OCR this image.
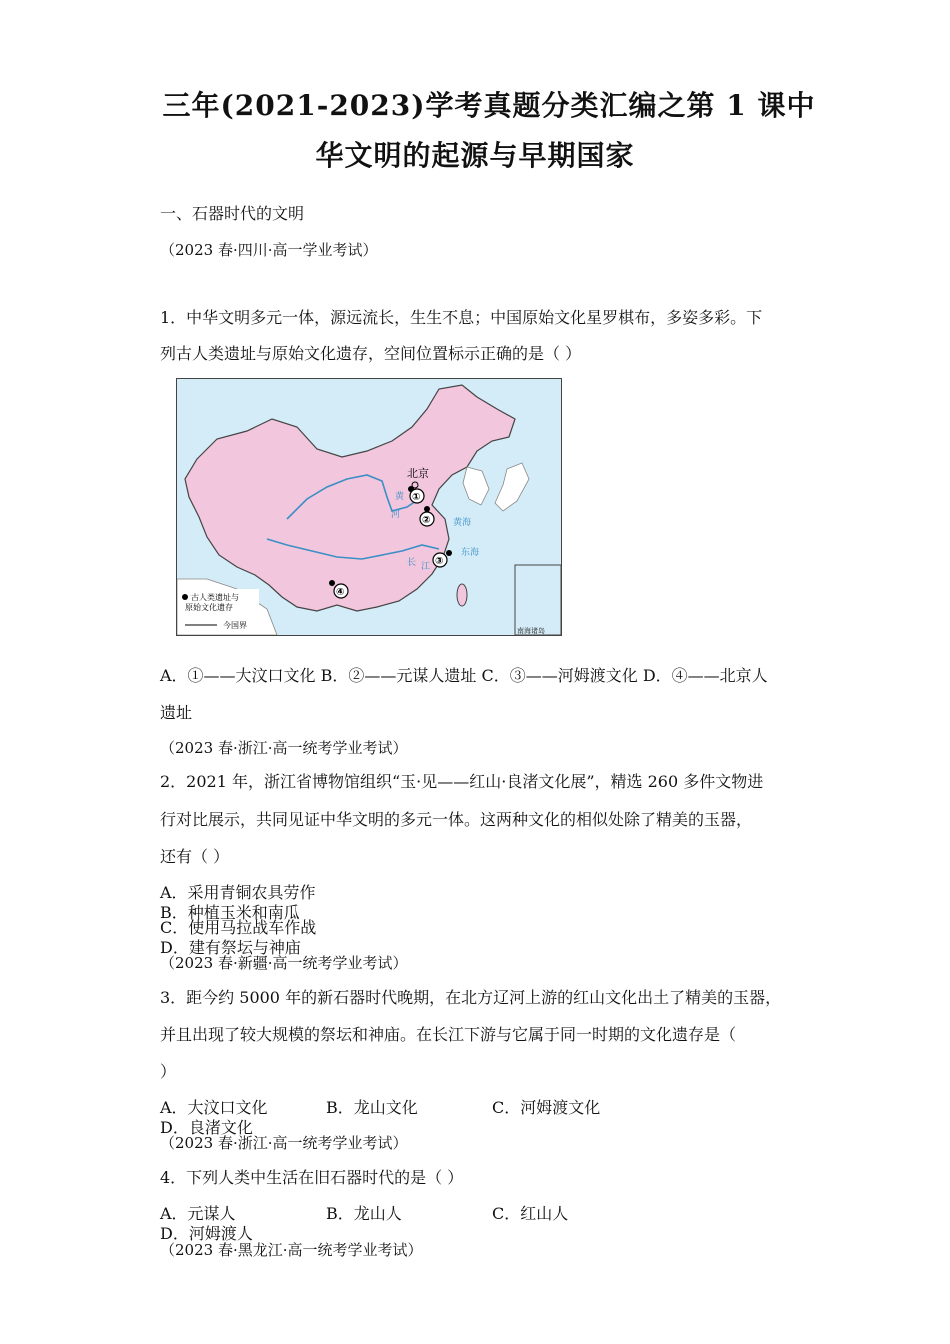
三年(2021-2023)学考真题分类汇编之第 1 课中
华文明的起源与早期国家
一、石器时代的文明
（2023 春·四川·高一学业考试）
1．中华文明多元一体，源远流长，生生不息；中国原始文化星罗棋布，多姿多彩。下
列古人类遗址与原始文化遗存，空间位置标示正确的是（ ）
南海诸岛
北京
黄
河
长 江
黄海
东海
①
②
③
④
古人类遗址与
原始文化遗存
今国界
A．①——大汶口文化 B．②——元谋人遗址 C．③——河姆渡文化 D．④——北京人
遗址
（2023 春·浙江·高一统考学业考试）
2．2021 年，浙江省博物馆组织“玉·见——红山·良渚文化展”，精选 260 多件文物进
行对比展示，共同见证中华文明的多元一体。这两种文化的相似处除了精美的玉器，
还有（ ）
A．采用青铜农具劳作B．种植玉米和南瓜
C．使用马拉战车作战D．建有祭坛与神庙
（2023 春·新疆·高一统考学业考试）
3．距今约 5000 年的新石器时代晚期，在北方辽河上游的红山文化出土了精美的玉器，
并且出现了较大规模的祭坛和神庙。在长江下游与它属于同一时期的文化遗存是（
）
A．大汶口文化	B．龙山文化	C．河姆渡文化D．良渚文化
（2023 春·浙江·高一统考学业考试）
4．下列人类中生活在旧石器时代的是（ ）
A．元谋人	B．龙山人	C．红山人D．河姆渡人
（2023 春·黑龙江·高一统考学业考试）
